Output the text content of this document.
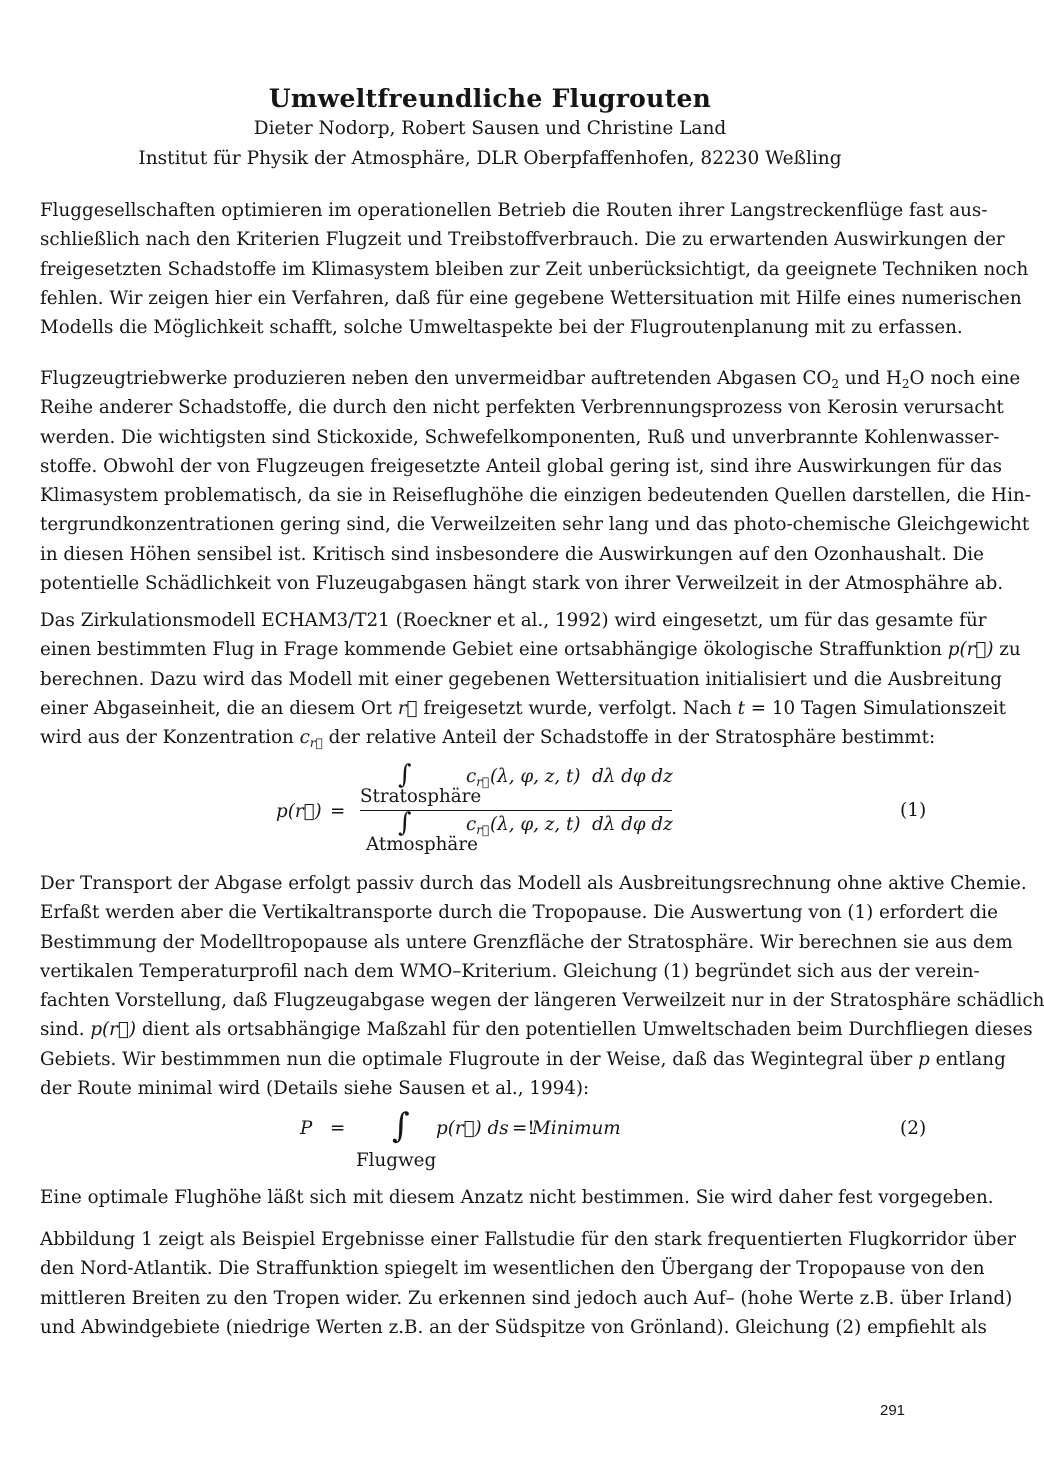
Umweltfreundliche Flugrouten
Dieter Nodorp, Robert Sausen und Christine Land
Institut für Physik der Atmosphäre, DLR Oberpfaffenhofen, 82230 Weßling
Fluggesellschaften optimieren im operationellen Betrieb die Routen ihrer Langstreckenflüge fast aus-
schließlich nach den Kriterien Flugzeit und Treibstoffverbrauch. Die zu erwartenden Auswirkungen der
freigesetzten Schadstoffe im Klimasystem bleiben zur Zeit unberücksichtigt, da geeignete Techniken noch
fehlen. Wir zeigen hier ein Verfahren, daß für eine gegebene Wettersituation mit Hilfe eines numerischen
Modells die Möglichkeit schafft, solche Umweltaspekte bei der Flugroutenplanung mit zu erfassen.
Flugzeugtriebwerke produzieren neben den unvermeidbar auftretenden Abgasen $CO_2$ und $H_2O$ noch eine
Reihe anderer Schadstoffe, die durch den nicht perfekten Verbrennungsprozess von Kerosin verursacht
werden. Die wichtigsten sind Stickoxide, Schwefelkomponenten, Ruß und unverbrannte Kohlenwasser-
stoffe. Obwohl der von Flugzeugen freigesetzte Anteil global gering ist, sind ihre Auswirkungen für das
Klimasystem problematisch, da sie in Reiseflughöhe die einzigen bedeutenden Quellen darstellen, die Hin-
tergrundkonzentrationen gering sind, die Verweilzeiten sehr lang und das photo-chemische Gleichgewicht
in diesen Höhen sensibel ist. Kritisch sind insbesondere die Auswirkungen auf den Ozonhaushalt. Die
potentielle Schädlichkeit von Fluzeugabgasen hängt stark von ihrer Verweilzeit in der Atmosphähre ab.
Das Zirkulationsmodell ECHAM3/T21 (Roeckner et al., 1992) wird eingesetzt, um für das gesamte für
einen bestimmten Flug in Frage kommende Gebiet eine ortsabhängige ökologische Straffunktion p(r⃗) zu
berechnen. Dazu wird das Modell mit einer gegebenen Wettersituation initialisiert und die Ausbreitung
einer Abgaseinheit, die an diesem Ort r⃗ freigesetzt wurde, verfolgt. Nach t = 10 Tagen Simulationszeit
wird aus der Konzentration $c_{r⃗}$ der relative Anteil der Schadstoffe in der Stratosphäre bestimmt:
p(r⃗) =
∫	$c_{r⃗}$ (λ, φ, z, t) dλ dφ dz
Stratosphäre
∫	$c_{r⃗}$ (λ, φ, z, t) dλ dφ dz
Atmosphäre
(1)
Der Transport der Abgase erfolgt passiv durch das Modell als Ausbreitungsrechnung ohne aktive Chemie.
Erfaßt werden aber die Vertikaltransporte durch die Tropopause. Die Auswertung von (1) erfordert die
Bestimmung der Modelltropopause als untere Grenzfläche der Stratosphäre. Wir berechnen sie aus dem
vertikalen Temperaturprofil nach dem WMO–Kriterium. Gleichung (1) begründet sich aus der verein-
fachten Vorstellung, daß Flugzeugabgase wegen der längeren Verweilzeit nur in der Stratosphäre schädlich
sind. p(r⃗) dient als ortsabhängige Maßzahl für den potentiellen Umweltschaden beim Durchfliegen dieses
Gebiets. Wir bestimmmen nun die optimale Flugroute in der Weise, daß das Wegintegral über p entlang
der Route minimal wird (Details siehe Sausen et al., 1994):
P = ∫ p(r⃗) ds =!
Minimum
Flugweg
(2)
Eine optimale Flughöhe läßt sich mit diesem Anzatz nicht bestimmen. Sie wird daher fest vorgegeben.
Abbildung 1 zeigt als Beispiel Ergebnisse einer Fallstudie für den stark frequentierten Flugkorridor über
den Nord-Atlantik. Die Straffunktion spiegelt im wesentlichen den Übergang der Tropopause von den
mittleren Breiten zu den Tropen wider. Zu erkennen sind jedoch auch Auf– (hohe Werte z.B. über Irland)
und Abwindgebiete (niedrige Werten z.B. an der Südspitze von Grönland). Gleichung (2) empfiehlt als
291
